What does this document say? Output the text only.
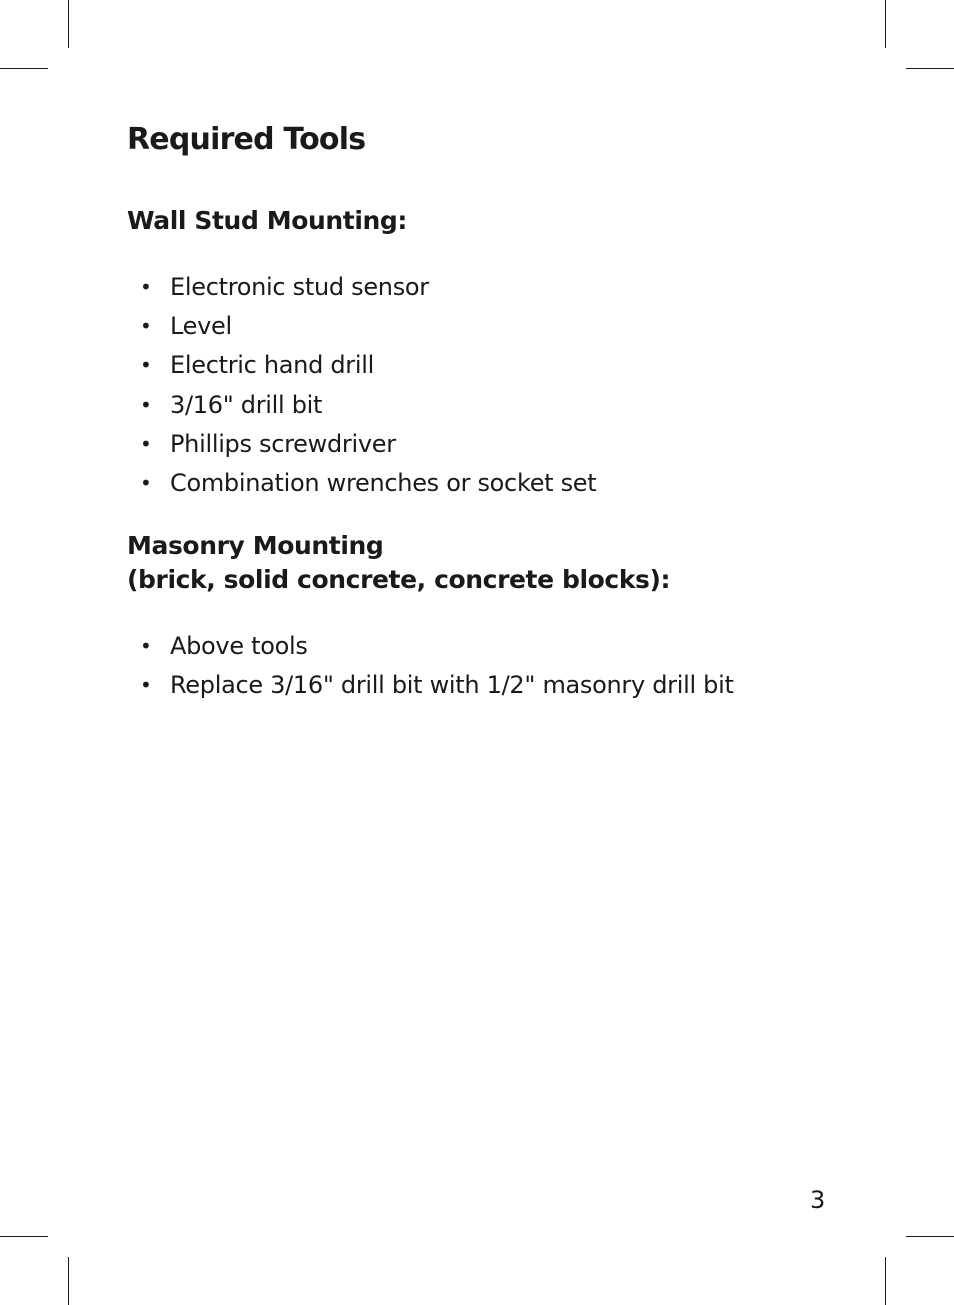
Required Tools
Wall Stud Mounting:
• Electronic stud sensor
• Level
• Electric hand drill
• 3/16" drill bit
• Phillips screwdriver
• Combination wrenches or socket set
Masonry Mounting
(brick, solid concrete, concrete blocks):
• Above tools
• Replace 3/16" drill bit with 1/2" masonry drill bit
3
